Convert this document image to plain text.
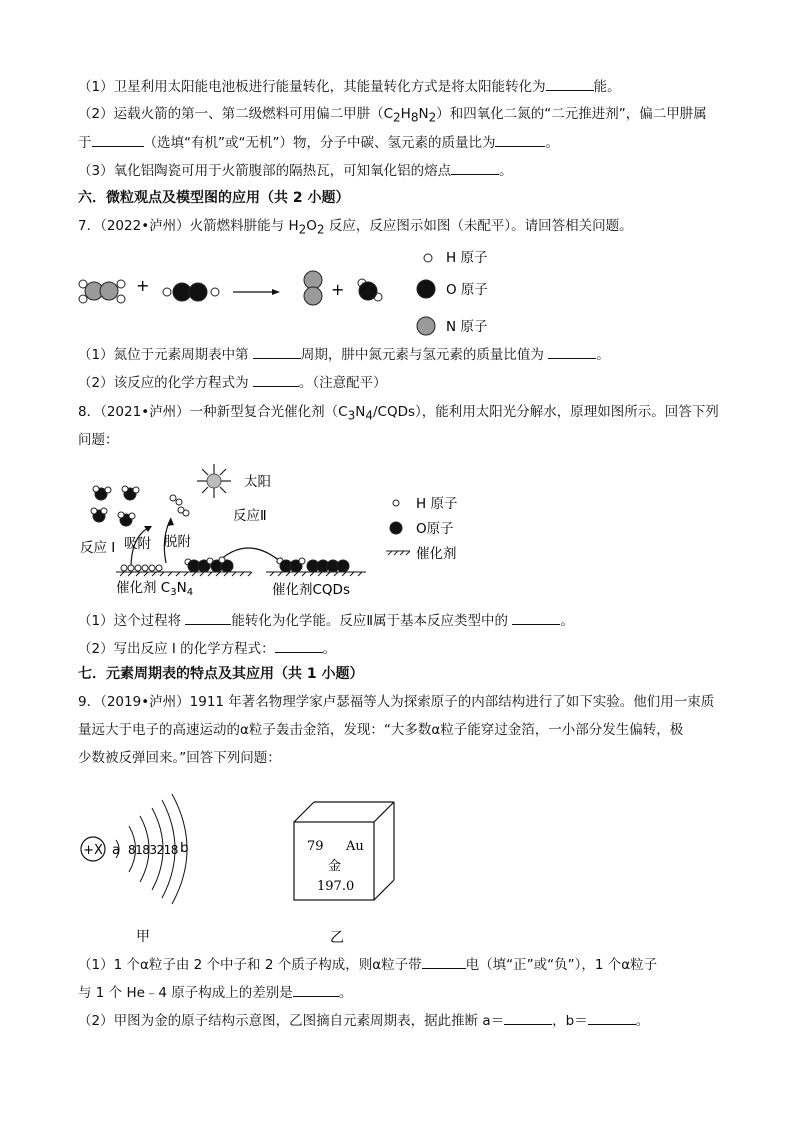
（1）卫星利用太阳能电池板进行能量转化，其能量转化方式是将太阳能转化为	能。
（2）运载火箭的第一、第二级燃料可用偏二甲肼$(C_2H_8N_2)$和四氧化二氮的“二元推进剂”，偏二甲肼属
于	（选填“有机”或“无机”）物，分子中碳、氢元素的质量比为	。
（3）氧化铝陶瓷可用于火箭腹部的隔热瓦，可知氧化铝的熔点	。
六．微粒观点及模型图的应用（共 2 小题）
7．（2022•泸州）火箭燃料肼能与 $H_2O_2$ 反应，反应图示如图（未配平）。请回答相关问题。
+	+
H 原子
O 原子
N 原子
（1）氮位于元素周期表中第	周期，肼中氮元素与氢元素的质量比值为	。
（2）该反应的化学方程式为	。（注意配平）
8．（2021•泸州）一种新型复合光催化剂$(C_3N_4/CQDs)$，能利用太阳光分解水，原理如图所示。回答下列
问题：
太阳
反应 I 吸附 脱附
反应Ⅱ
催化剂 $C_3N_4$	催化剂CQDs
H 原子
O原子
催化剂
（1）这个过程将	能转化为化学能。反应Ⅱ属于基本反应类型中的	。
（2）写出反应 I 的化学方程式：	。
七．元素周期表的特点及其应用（共 1 小题）
9．（2019•泸州）1911 年著名物理学家卢瑟福等人为探索原子的内部结构进行了如下实验。他们用一束质
量远大于电子的高速运动的α粒子轰击金箔，发现：“大多数α粒子能穿过金箔，一小部分发生偏转，极
少数被反弹回来。”回答下列问题：
+X a 8183218 b
甲
79 Au
金
197.0
乙
（1）1 个α粒子由 2 个中子和 2 个质子构成，则α粒子带	电（填“正”或“负”），1 个α粒子
与 1 个 He﹣4 原子构成上的差别是	。
（2）甲图为金的原子结构示意图，乙图摘自元素周期表，据此推断 a＝	，b＝	。
